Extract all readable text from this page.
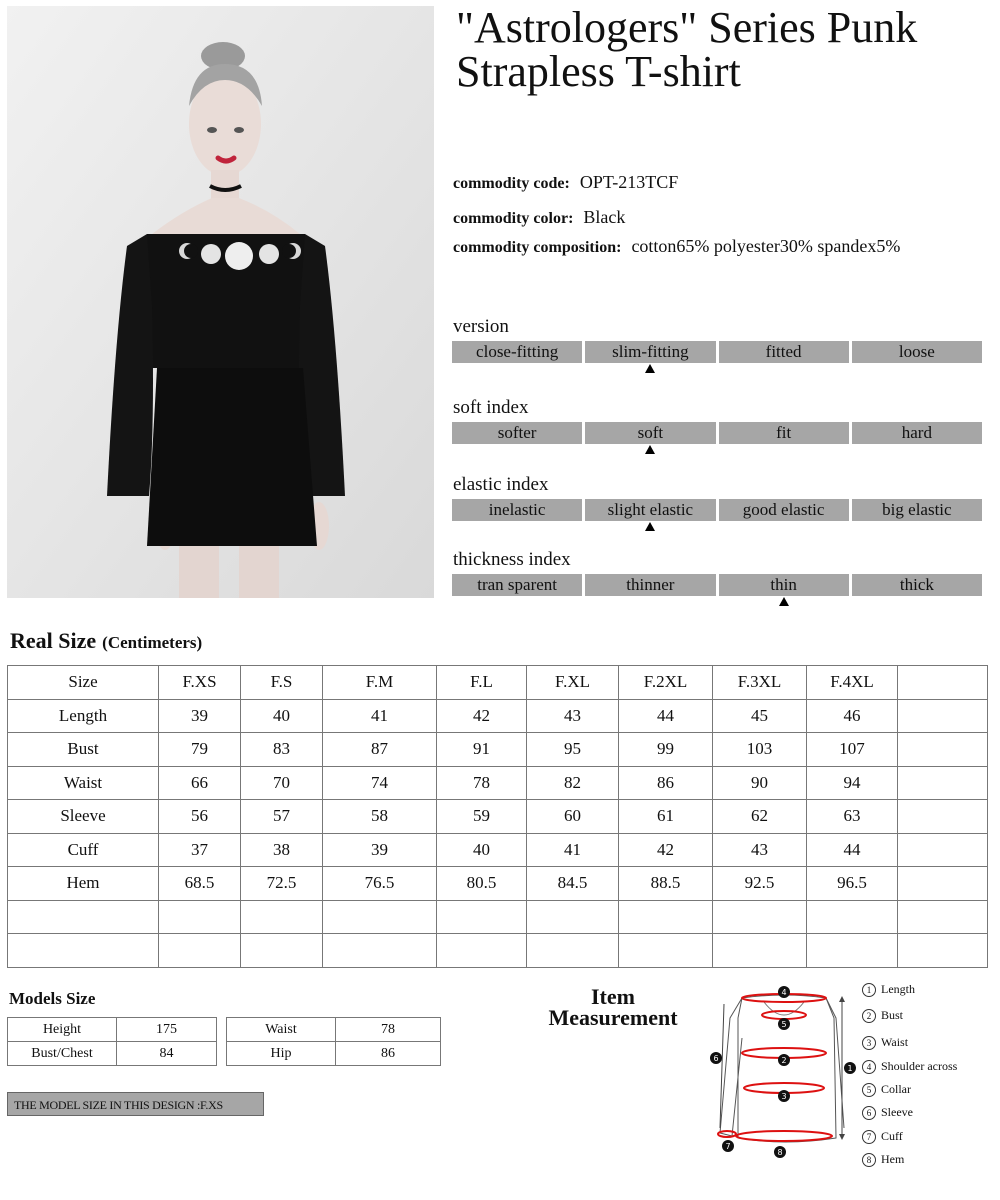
"Astrologers" Series Punk
Strapless T-shirt
commodity code: OPT-213TCF
commodity color: Black
commodity composition: cotton65% polyester30% spandex5%
version
close-fitting	slim-fitting	fitted	loose
soft index
softer	soft	fit	hard
elastic index
inelastic	slight elastic	good elastic	big elastic
thickness index
tran sparent	thinner	thin	thick
Real Size (Centimeters)
Size	F.XS	F.S	F.M	F.L	F.XL	F.2XL	F.3XL	F.4XL	
Length	39	40	41	42	43	44	45	46	
Bust	79	83	87	91	95	99	103	107	
Waist	66	70	74	78	82	86	90	94	
Sleeve	56	57	58	59	60	61	62	63	
Cuff	37	38	39	40	41	42	43	44	
Hem	68.5	72.5	76.5	80.5	84.5	88.5	92.5	96.5	

Models Size
Height	175
Bust/Chest	84
Waist	78
Hip	86
THE MODEL SIZE IN THIS DESIGN :F.XS
Item
Measurement
4
5
2
3
1
6
7
8
1 Length
2 Bust
3 Waist
4 Shoulder across
5 Collar
6 Sleeve
7 Cuff
8 Hem
